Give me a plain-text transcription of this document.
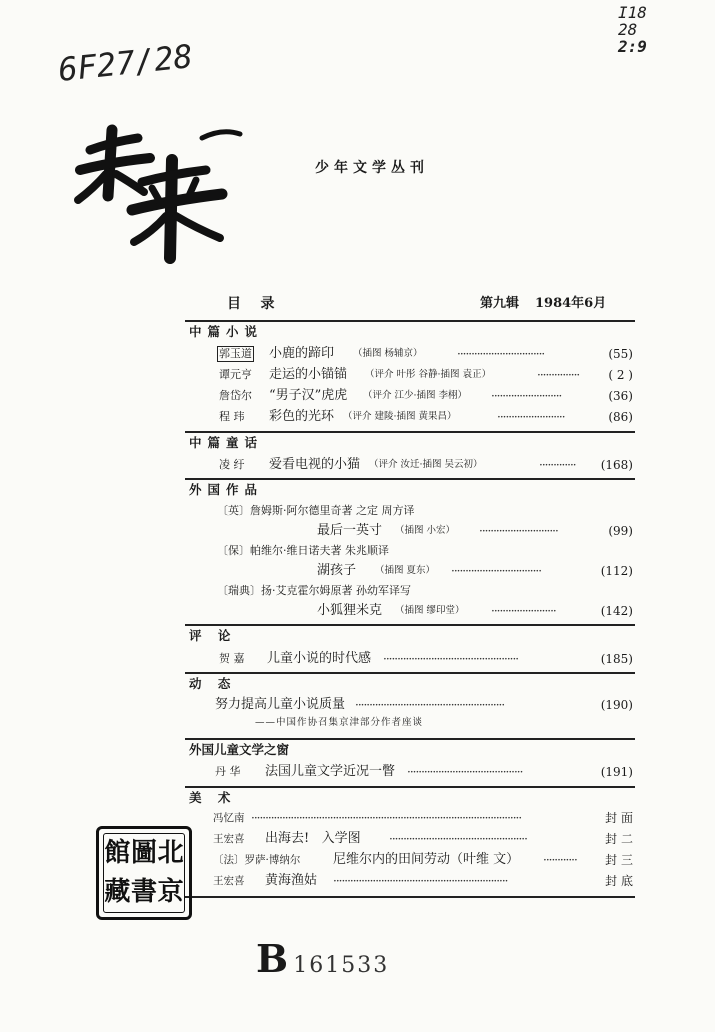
I18
28
2:9
6F27/28
少年文学丛刊
目    录	第九辑 1984年6月
中篇小说
郭玉道 小鹿的蹄印 （插图 杨辅京）	·······························	(55)
谭元亨 走运的小锚锚 （评介 叶彤 谷静·插图 袁正）	···············	( 2 )
詹岱尔 “男子汉”虎虎 （评介 江少·插图 李栩） ·························	(36)
程 玮 彩色的光环 （评介 建陵·插图 黄果昌）	························	(86)
中篇童话
凌 纡 爱看电视的小猫 （评介 汝迁·插图 吴云初）	·············	(168)
外国作品
〔英〕詹姆斯·阿尔德里奇著 之定 周方译
最后一英寸 （插图 小宏） ····························	(99)
〔保〕帕维尔·维日诺夫著 朱兆顺译
湖孩子 （插图 夏东） ································	(112)
〔瑞典〕扬·艾克霍尔姆原著 孙幼军译写
小狐狸米克 （插图 缪印堂） ·······················	(142)
评 论
贺 嘉 儿童小说的时代感 ················································	(185)
动 态
努力提高儿童小说质量 ·····················································	(190)
——中国作协召集京津部分作者座谈
外国儿童文学之窗
丹 华 法国儿童文学近况一瞥 ·········································	(191)
美 术
冯忆南 ································································································	封 面
王宏喜 出海去!   入学图 ·················································	封 二
〔法〕罗萨·博纳尔	尼维尔内的田间劳动（叶维 文） ············	封 三
王宏喜 黄海渔姑 ······························································	封 底
館 圖 北
藏 書 京
B 161533
